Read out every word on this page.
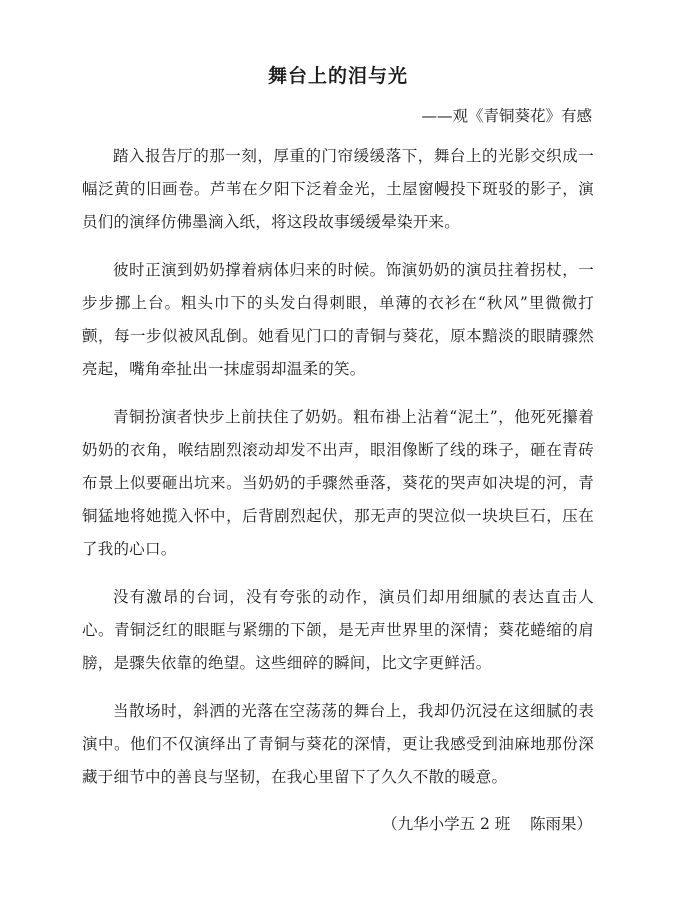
舞台上的泪与光
——观《青铜葵花》有感

踏入报告厅的那一刻，厚重的门帘缓缓落下，舞台上的光影交织成一幅泛黄的旧画卷。芦苇在夕阳下泛着金光，土屋窗幔投下斑驳的影子，演员们的演绎仿佛墨滴入纸，将这段故事缓缓晕染开来。

彼时正演到奶奶撑着病体归来的时候。饰演奶奶的演员拄着拐杖，一步步挪上台。粗头巾下的头发白得刺眼，单薄的衣衫在“秋风”里微微打颤，每一步似被风乱倒。她看见门口的青铜与葵花，原本黯淡的眼睛骤然亮起，嘴角牵扯出一抹虚弱却温柔的笑。

青铜扮演者快步上前扶住了奶奶。粗布褂上沾着“泥土”，他死死攥着奶奶的衣角，喉结剧烈滚动却发不出声，眼泪像断了线的珠子，砸在青砖布景上似要砸出坑来。当奶奶的手骤然垂落，葵花的哭声如决堤的河，青铜猛地将她揽入怀中，后背剧烈起伏，那无声的哭泣似一块块巨石，压在了我的心口。

没有激昂的台词，没有夸张的动作，演员们却用细腻的表达直击人心。青铜泛红的眼眶与紧绷的下颌，是无声世界里的深情；葵花蜷缩的肩膀，是骤失依靠的绝望。这些细碎的瞬间，比文字更鲜活。

当散场时，斜洒的光落在空荡荡的舞台上，我却仍沉浸在这细腻的表演中。他们不仅演绎出了青铜与葵花的深情，更让我感受到油麻地那份深藏于细节中的善良与坚韧，在我心里留下了久久不散的暖意。

（九华小学五 2 班    陈雨果）
